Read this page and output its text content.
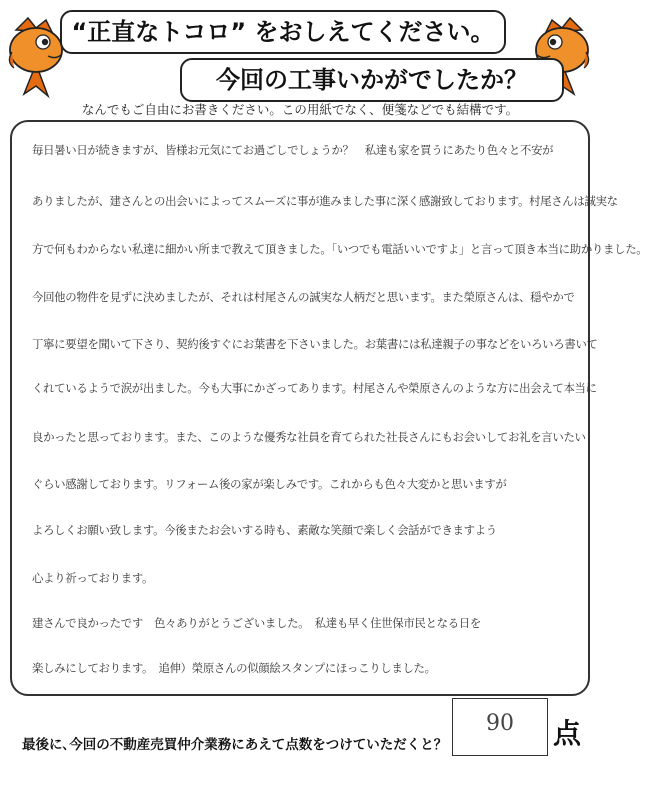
“正直なトコロ” をおしえてください。
今回の工事いかがでしたか？
なんでもご自由にお書きください。この用紙でなく、便箋などでも結構です。
毎日暑い日が続きますが、皆様お元気にてお過ごしでしょうか？　私達も家を買うにあたり色々と不安が
ありましたが、建さんとの出会いによってスムーズに事が進みました事に深く感謝致しております。村尾さんは誠実な
方で何もわからない私達に細かい所まで教えて頂きました。「いつでも電話いいですよ」と言って頂き本当に助かりました。
今回他の物件を見ずに決めましたが、それは村尾さんの誠実な人柄だと思います。また榮原さんは、穏やかで
丁寧に要望を聞いて下さり、契約後すぐにお葉書を下さいました。お葉書には私達親子の事などをいろいろ書いて
くれているようで涙が出ました。今も大事にかざってあります。村尾さんや榮原さんのような方に出会えて本当に
良かったと思っております。また、このような優秀な社員を育てられた社長さんにもお会いしてお礼を言いたい
ぐらい感謝しております。リフォーム後の家が楽しみです。これからも色々大変かと思いますが
よろしくお願い致します。今後またお会いする時も、素敵な笑顔で楽しく会話ができますよう
心より祈っております。
建さんで良かったです　色々ありがとうございました。　私達も早く住世保市民となる日を
楽しみにしております。　追伸）榮原さんの似顔絵スタンプにほっこりしました。
最後に､今回の不動産売買仲介業務にあえて点数をつけていただくと？
90	点
